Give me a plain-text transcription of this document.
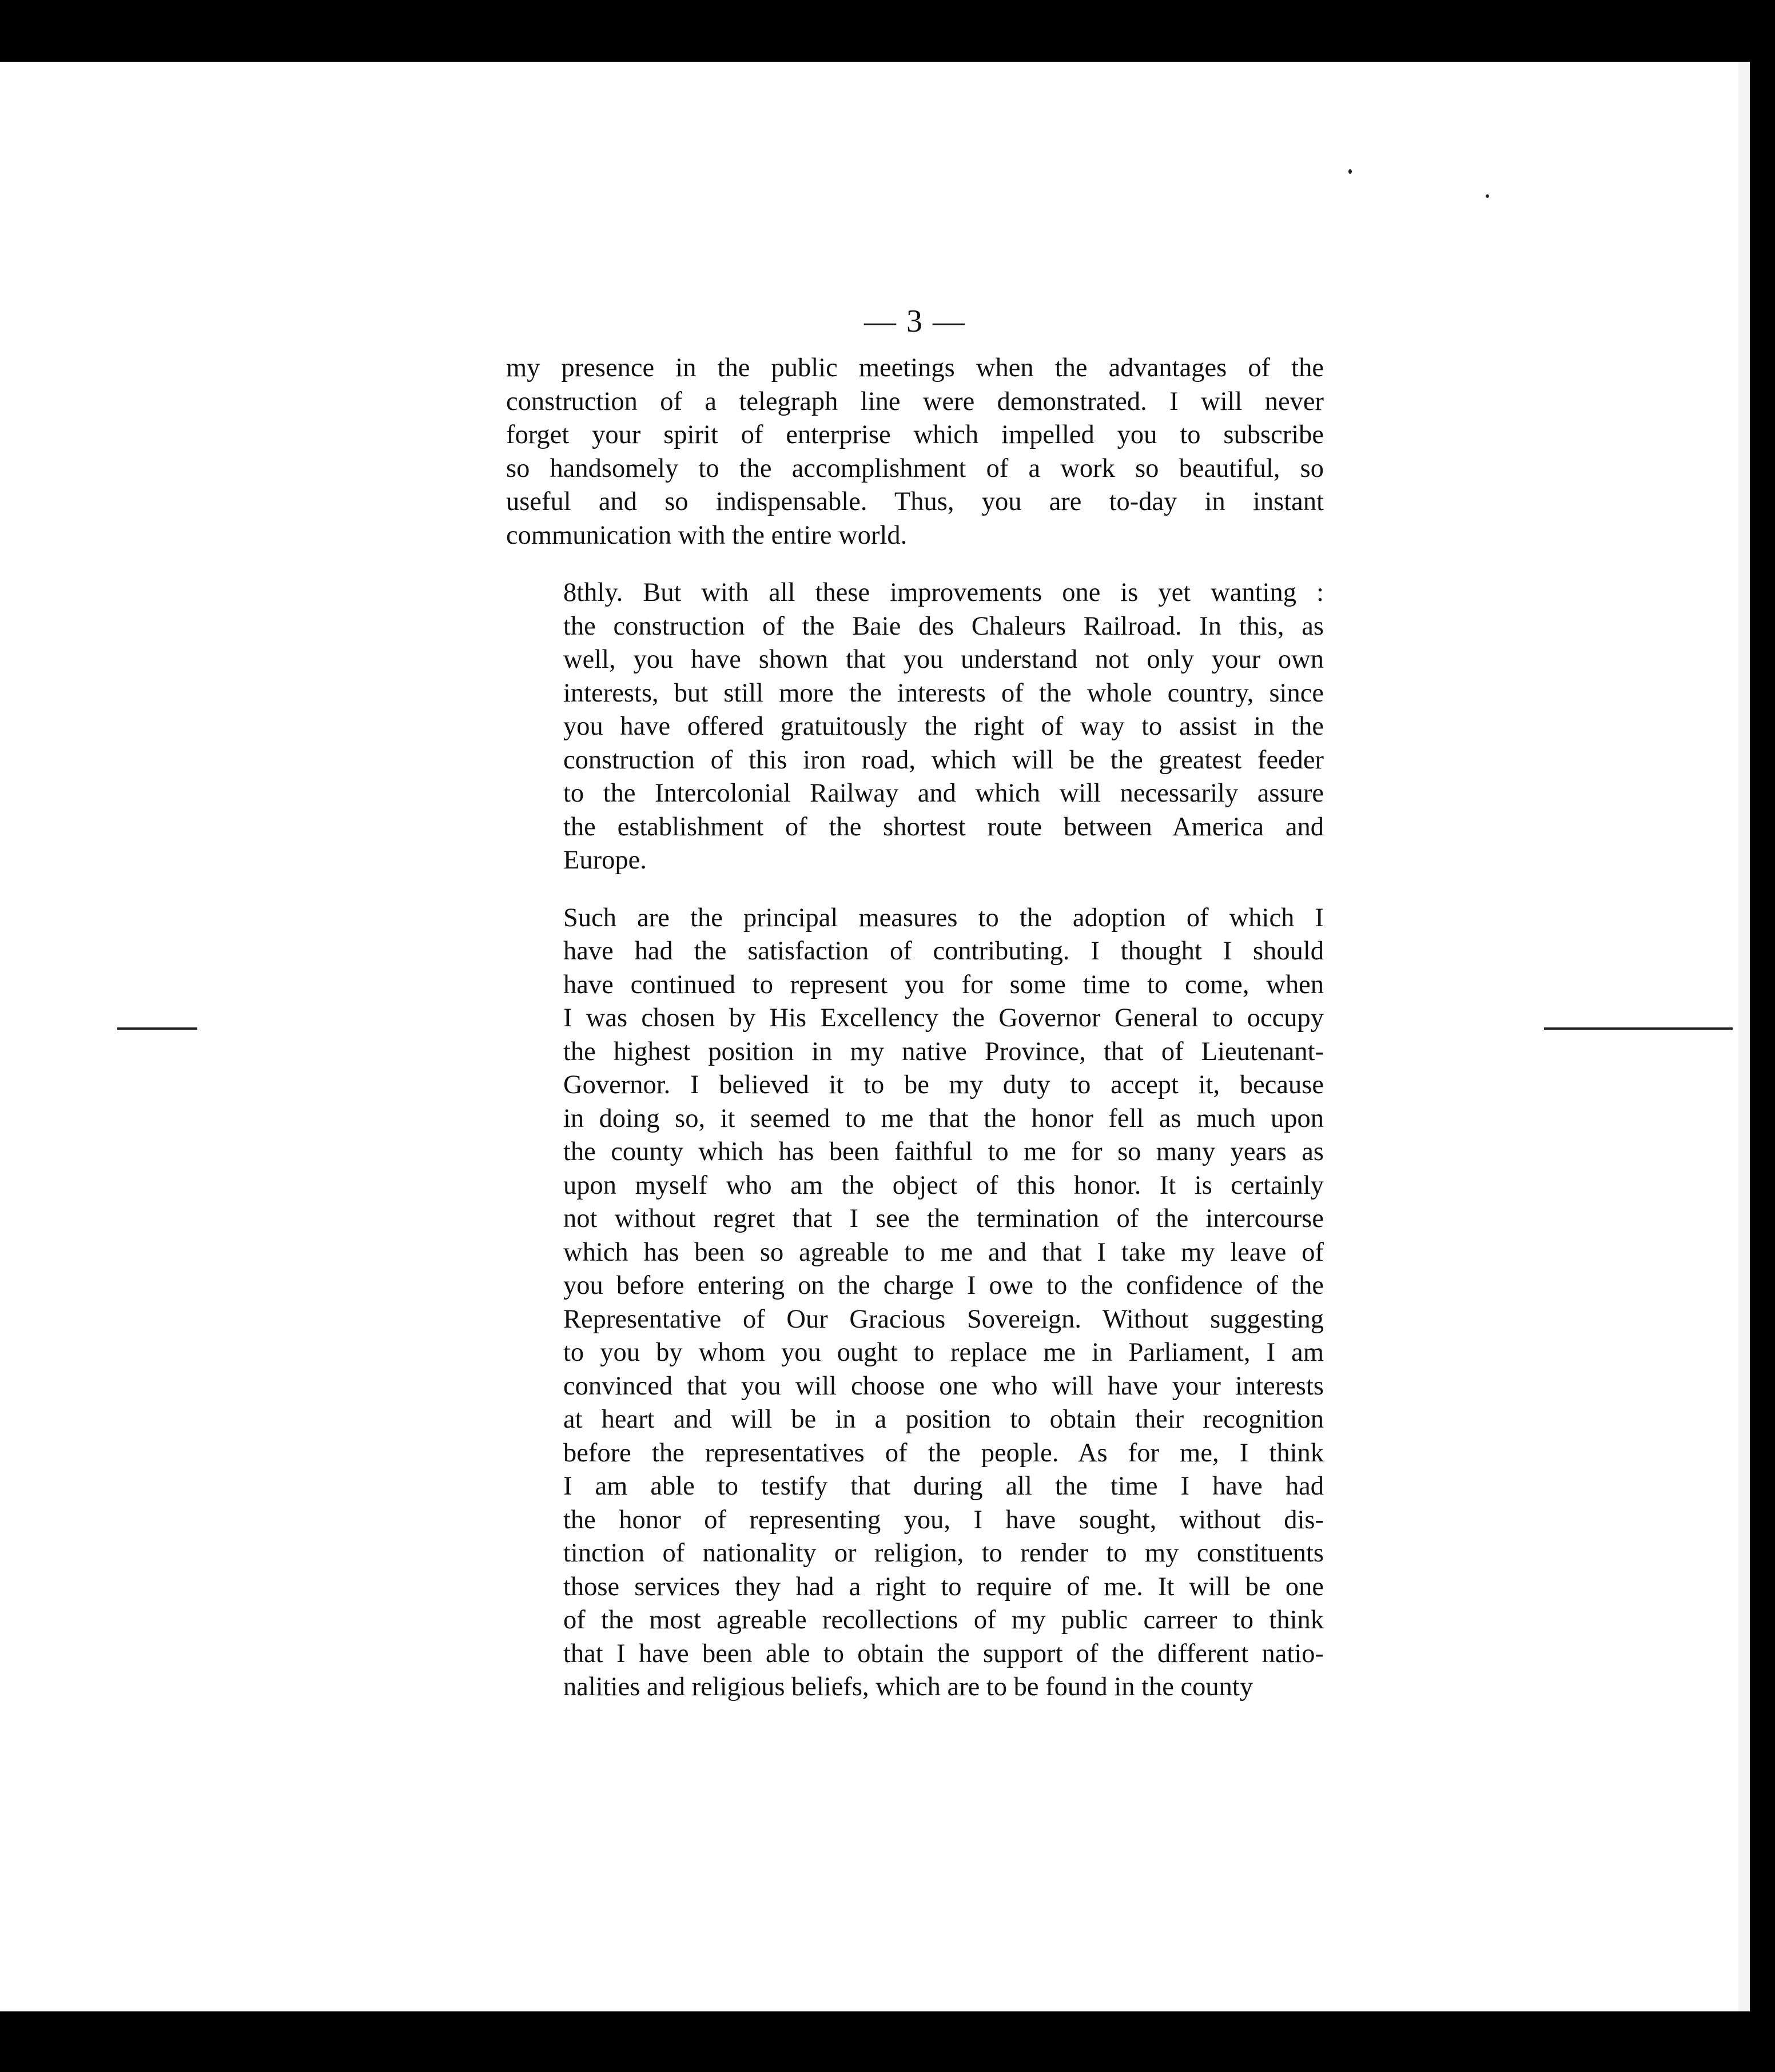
— 3 —

my presence in the public meetings when the advantages of the
construction of a telegraph line were demonstrated. I will never
forget your spirit of enterprise which impelled you to subscribe
so handsomely to the accomplishment of a work so beautiful, so
useful and so indispensable. Thus, you are to-day in instant
communication with the entire world.

8thly. But with all these improvements one is yet wanting :
the construction of the Baie des Chaleurs Railroad. In this, as
well, you have shown that you understand not only your own
interests, but still more the interests of the whole country, since
you have offered gratuitously the right of way to assist in the
construction of this iron road, which will be the greatest feeder
to the Intercolonial Railway and which will necessarily assure
the establishment of the shortest route between America and
Europe.

Such are the principal measures to the adoption of which I
have had the satisfaction of contributing. I thought I should
have continued to represent you for some time to come, when
I was chosen by His Excellency the Governor General to occupy
the highest position in my native Province, that of Lieutenant-
Governor. I believed it to be my duty to accept it, because
in doing so, it seemed to me that the honor fell as much upon
the county which has been faithful to me for so many years as
upon myself who am the object of this honor. It is certainly
not without regret that I see the termination of the intercourse
which has been so agreable to me and that I take my leave of
you before entering on the charge I owe to the confidence of the
Representative of Our Gracious Sovereign. Without suggesting
to you by whom you ought to replace me in Parliament, I am
convinced that you will choose one who will have your interests
at heart and will be in a position to obtain their recognition
before the representatives of the people. As for me, I think
I am able to testify that during all the time I have had
the honor of representing you, I have sought, without dis-
tinction of nationality or religion, to render to my constituents
those services they had a right to require of me. It will be one
of the most agreable recollections of my public carreer to think
that I have been able to obtain the support of the different natio-
nalities and religious beliefs, which are to be found in the county
